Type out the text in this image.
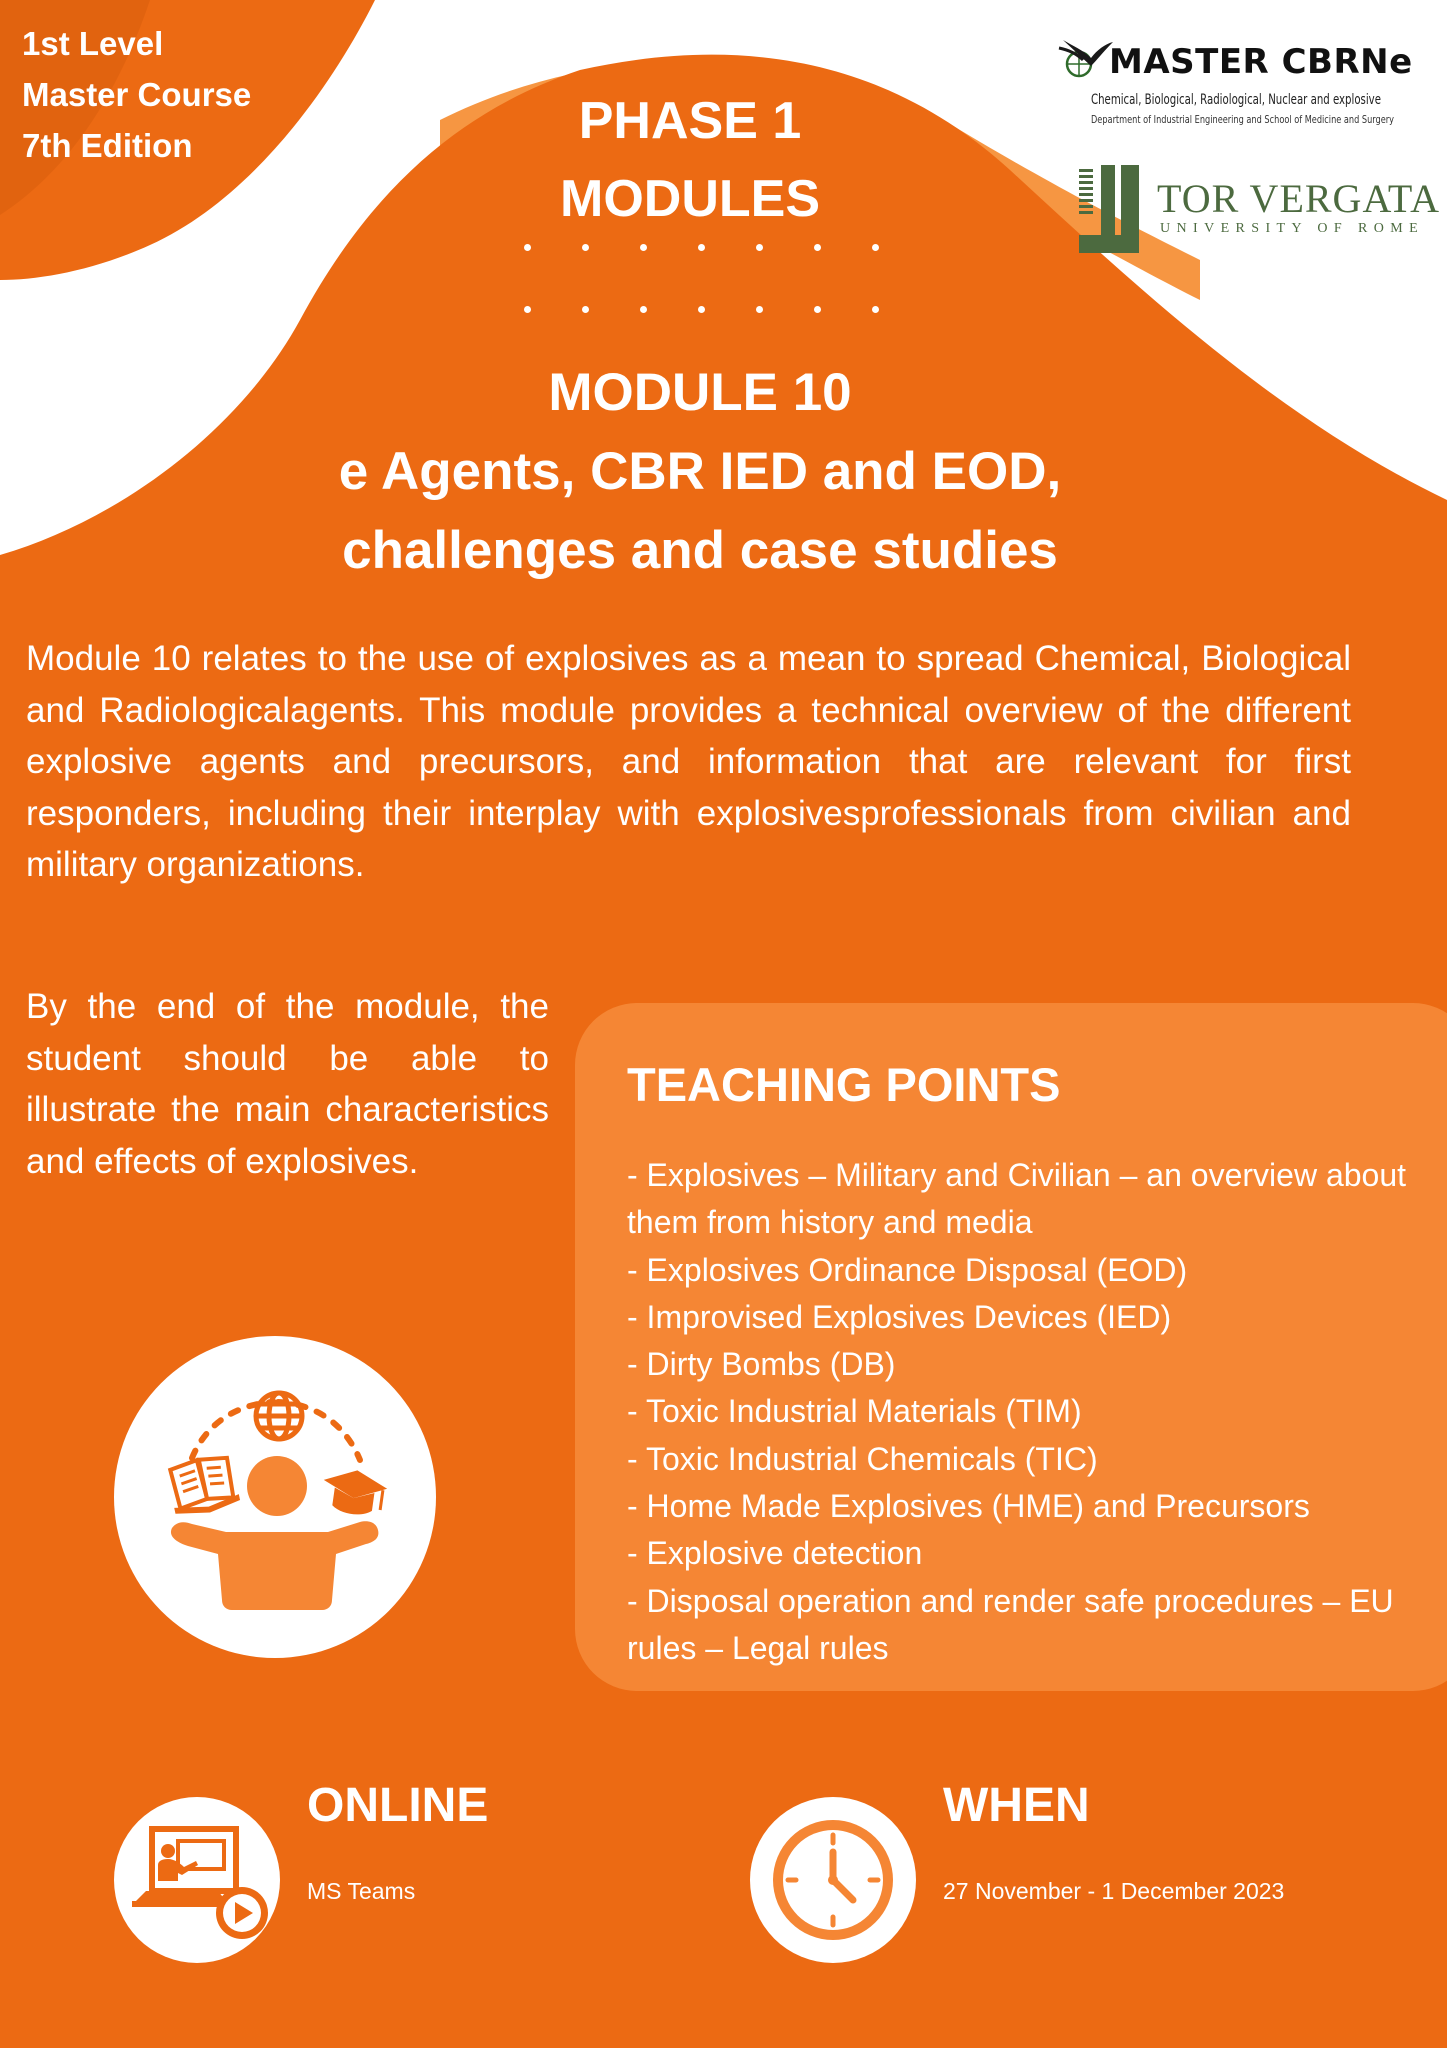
1st Level
Master Course
7th Edition	PHASE 1
MODULES
MASTER CBRNe
Chemical, Biological, Radiological, Nuclear and explosive
Department of Industrial Engineering and School of Medicine and Surgery
TOR VERGATA
UNIVERSITY OF ROME
MODULE 10
e Agents, CBR IED and EOD,
challenges and case studies
Module 10 relates to the use of explosives as a mean to spread Chemical, Biological and Radiologicalagents. This module provides a technical overview of the different explosive agents and precursors, and information that are relevant for first responders, including their interplay with explosivesprofessionals from civilian and military organizations.
By the end of the module, the student should be able to illustrate the main characteristics and effects of explosives.
TEACHING POINTS
- Explosives – Military and Civilian – an overview about them from history and media
- Explosives Ordinance Disposal (EOD)
- Improvised Explosives Devices (IED)
- Dirty Bombs (DB)
- Toxic Industrial Materials (TIM)
- Toxic Industrial Chemicals (TIC)
- Home Made Explosives (HME) and Precursors
- Explosive detection
- Disposal operation and render safe procedures – EU rules – Legal rules
ONLINE
MS Teams
WHEN
27 November - 1 December 2023
